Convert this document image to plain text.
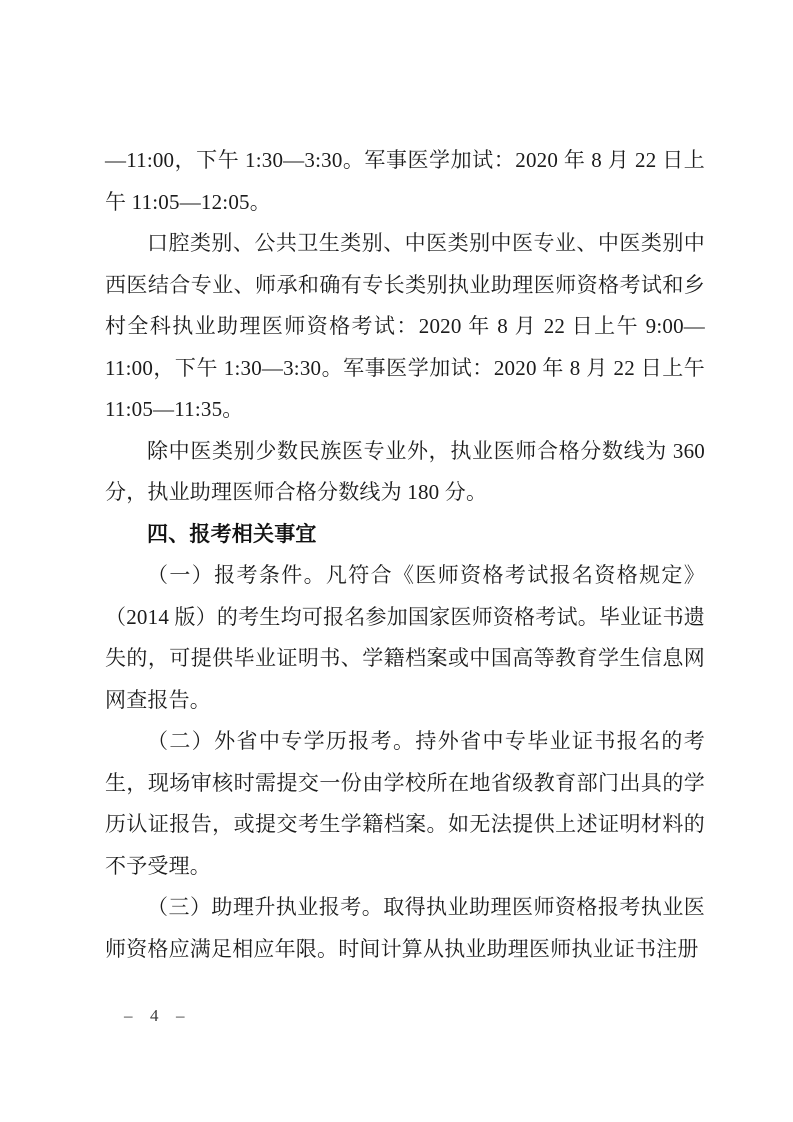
—11:00，下午 1:30—3:30。军事医学加试：2020 年 8 月 22 日上午 11:05—12:05。

口腔类别、公共卫生类别、中医类别中医专业、中医类别中西医结合专业、师承和确有专长类别执业助理医师资格考试和乡村全科执业助理医师资格考试：2020 年 8 月 22 日上午 9:00—11:00，下午 1:30—3:30。军事医学加试：2020 年 8 月 22 日上午 11:05—11:35。

除中医类别少数民族医专业外，执业医师合格分数线为 360 分，执业助理医师合格分数线为 180 分。

四、报考相关事宜

（一）报考条件。凡符合《医师资格考试报名资格规定》（2014 版）的考生均可报名参加国家医师资格考试。毕业证书遗失的，可提供毕业证明书、学籍档案或中国高等教育学生信息网网查报告。

（二）外省中专学历报考。持外省中专毕业证书报名的考生，现场审核时需提交一份由学校所在地省级教育部门出具的学历认证报告，或提交考生学籍档案。如无法提供上述证明材料的不予受理。

（三）助理升执业报考。取得执业助理医师资格报考执业医师资格应满足相应年限。时间计算从执业助理医师执业证书注册

–  4  –
